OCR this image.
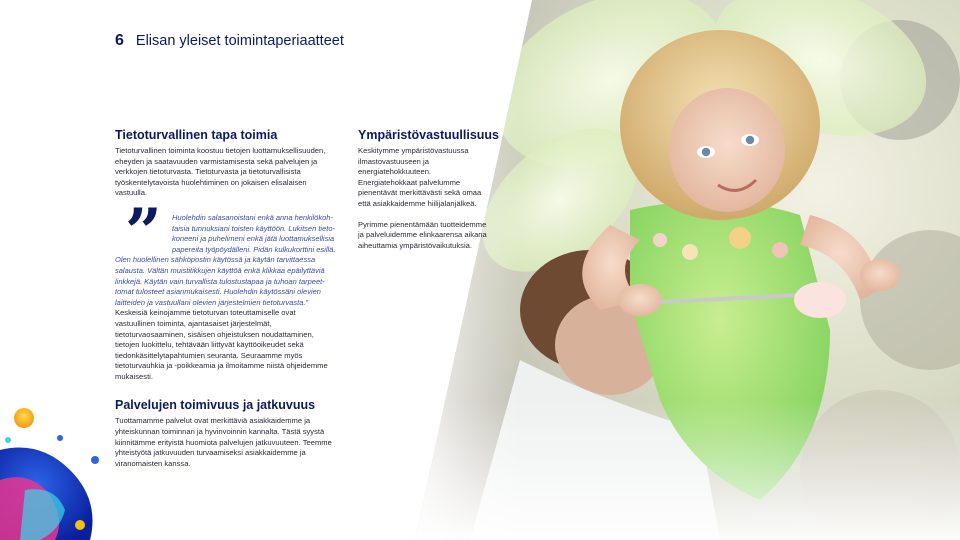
6 Elisan yleiset toimintaperiaatteet
Tietoturvallinen tapa toimia

Tietoturvallinen toiminta koostuu tietojen luottamuksellisuuden, eheyden ja saatavuuden varmistamisesta sekä palvelujen ja verkkojen tietoturvasta. Tietoturvasta ja tietoturvallisista työskentelytavoista huolehtiminen on jokaisen elisalaisen vastuulla.

”	Huolehdin salasanoistani enkä anna henkilökoh-
taisia tunnuksiani toisten käyttöön. Lukitsen tieto-
koneeni ja puhelimeni enkä jätä luottamuksellisia
papereita työpöydälleni. Pidän kulkukorttini esillä.
Olen huolellinen sähköpostin käytössä ja käytän tarvittaessa
salausta. Vältän muistitikkujen käyttöä enkä klikkaa epäilyttäviä
linkkejä. Käytän vain turvallista tulostustapaa ja tuhoan tarpeet-
tomat tulosteet asianmukaisesti. Huolehdin käytössäni olevien
laitteiden ja vastuullani olevien järjestelmien tietoturvasta.”

Keskeisiä keinojamme tietoturvan toteuttamiselle ovat vastuullinen toiminta, ajantasaiset järjestelmät, tietoturvaosaaminen, sisäisen ohjeistuksen noudattaminen, tietojen luokittelu, tehtävään liittyvät käyttöoikeudet sekä tiedonkäsittelytapahtumien seuranta. Seuraamme myös tietoturvauhkia ja -poikkeamia ja ilmoitamme niistä ohjeidemme mukaisesti.

Palvelujen toimivuus ja jatkuvuus

Tuottamamme palvelut ovat merkittäviä asiakkaidemme ja yhteiskunnan toiminnan ja hyvinvoinnin kannalta. Tästä syystä kiinnitämme erityistä huomiota palvelujen jatkuvuuteen. Teemme yhteistyötä jatkuvuuden turvaamiseksi asiakkaidemme ja viranomaisten kanssa.

Ympäristövastuullisuus

Keskitymme ympäristövastuussa ilmastovastuuseen ja energiatehokkuuteen. Energiatehokkaat palvelumme pienentävät merkittävästi sekä omaa että asiakkaidemme hiilijalanjälkeä.

Pyrimme pienentämään tuotteidemme ja palveluidemme elinkaarensa aikana aiheuttamia ympäristövaikutuksia.
